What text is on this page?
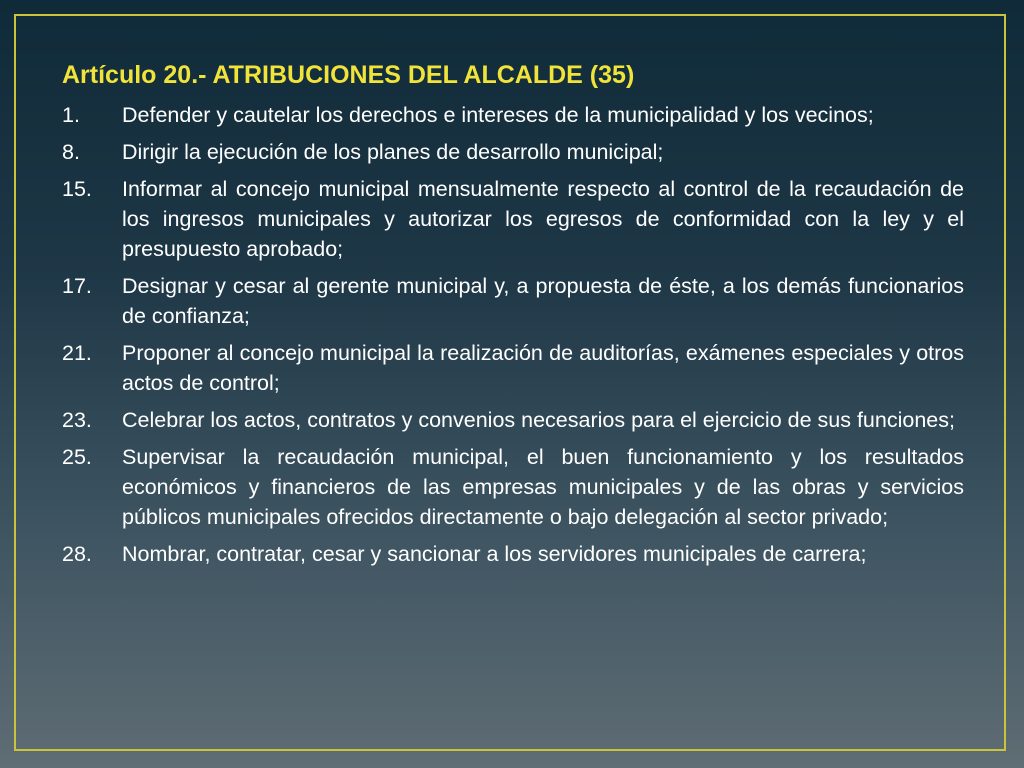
Artículo 20.- ATRIBUCIONES DEL ALCALDE (35)
1.	Defender y cautelar los derechos e intereses de la municipalidad y los vecinos;
8.	Dirigir la ejecución de los planes de desarrollo municipal;
15.	Informar al concejo municipal mensualmente respecto al control de la recaudación de los ingresos municipales y autorizar los egresos de conformidad con la ley y el presupuesto aprobado;
17.	Designar y cesar al gerente municipal y, a propuesta de éste, a los demás funcionarios de confianza;
21.	Proponer al concejo municipal la realización de auditorías, exámenes especiales y otros actos de control;
23.	Celebrar los actos, contratos y convenios necesarios para el ejercicio de sus funciones;
25.	Supervisar la recaudación municipal, el buen funcionamiento y los resultados económicos y financieros de las empresas municipales y de las obras y servicios públicos municipales ofrecidos directamente o bajo delegación al sector privado;
28.	Nombrar, contratar, cesar y sancionar a los servidores municipales de carrera;
